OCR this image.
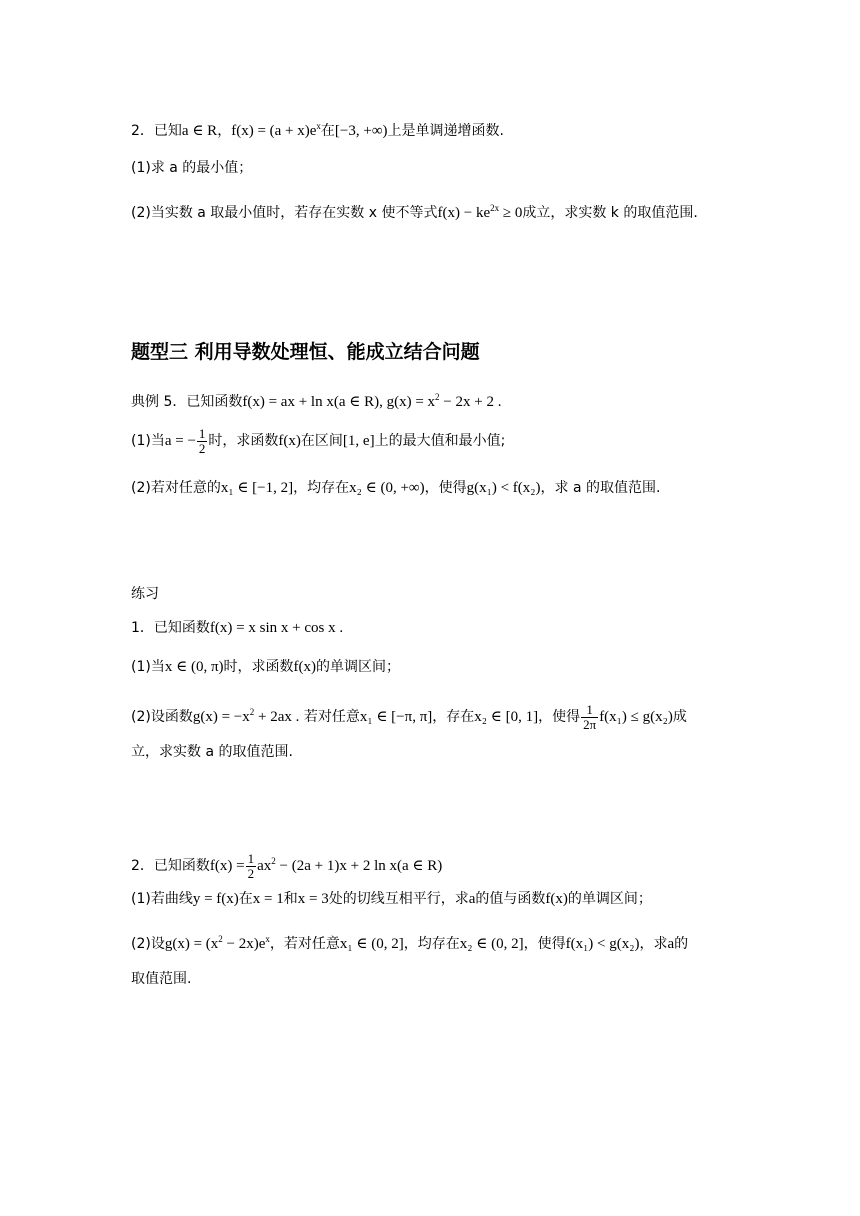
2．已知a ∈ R，$f(x) = (a + x)e^x$在[−3, +∞)上是单调递增函数.
(1)求 a 的最小值；
(2)当实数 a 取最小值时，若存在实数 x 使不等式$f(x) - ke^{2x} \ge 0$成立，求实数 k 的取值范围.
题型三 利用导数处理恒、能成立结合问题
典例 5．已知函数f(x) = ax + ln x(a ∈ R), $g(x) = x^2 - 2x + 2$ .
(1)当a = − $\frac{1}{2}$ 时，求函数f(x)在区间[1, e]上的最大值和最小值;
(2)若对任意的x₁ ∈ [−1, 2]，均存在x₂ ∈ (0, +∞)，使得g(x₁) < f(x₂)，求 a 的取值范围.
练习
1．已知函数f(x) = x sin x + cos x .
(1)当x ∈ (0, π)时，求函数f(x)的单调区间；
(2)设函数$g(x) = -x^2 + 2ax$ . 若对任意x₁ ∈ [−π, π]，存在x₂ ∈ [0, 1]，使得 $\frac{1}{2\pi} f(x_1) \le g(x_2)$成
立，求实数 a 的取值范围.
2．已知函数$f(x) = \frac{1}{2} ax^2 - (2a + 1)x + 2$ ln x(a ∈ R)
(1)若曲线y = f(x)在x = 1和x = 3处的切线互相平行，求a的值与函数f(x)的单调区间；
(2)设$g(x) = (x^2 - 2x)e^x$，若对任意x₁ ∈ (0, 2]，均存在x₂ ∈ (0, 2]，使得f(x₁) < g(x₂)，求a的
取值范围.
